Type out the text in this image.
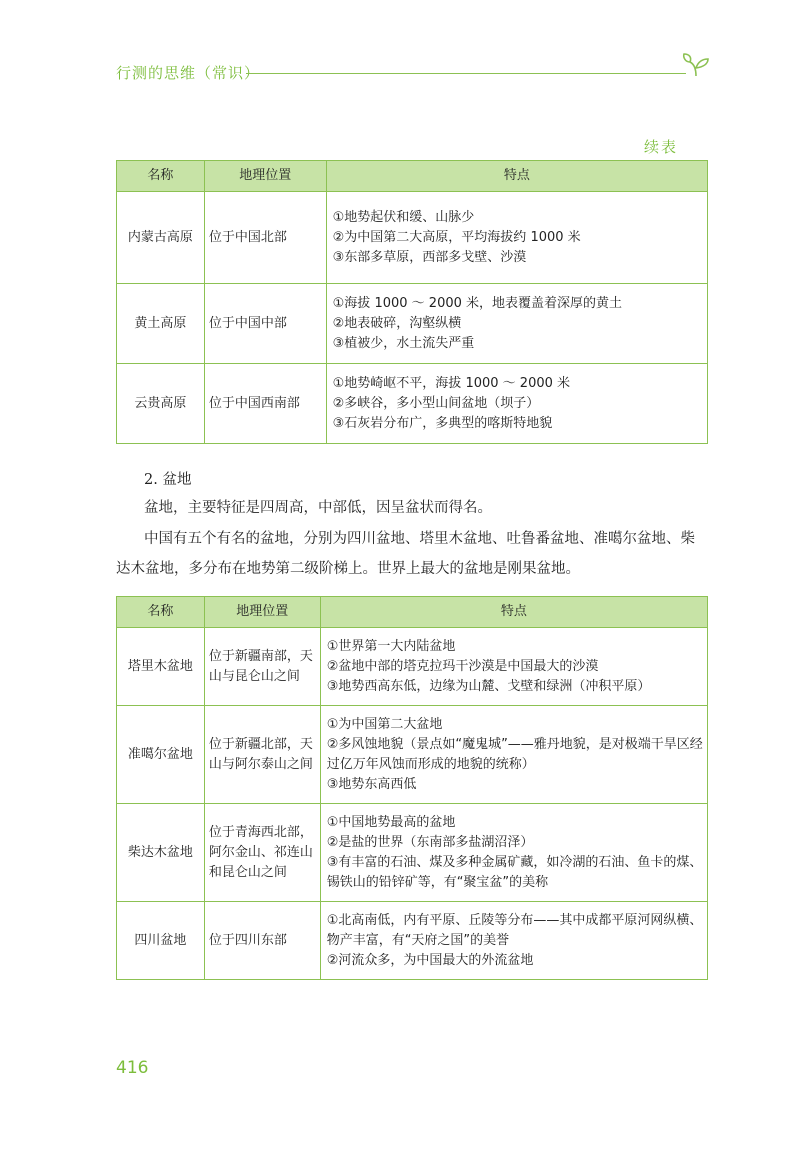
行测的思维（常识）
续表
名称	地理位置	特点
内蒙古高原	位于中国北部	①地势起伏和缓、山脉少
②为中国第二大高原，平均海拔约 1000 米
③东部多草原，西部多戈壁、沙漠

黄土高原	位于中国中部	①海拔 1000 ～ 2000 米，地表覆盖着深厚的黄土
②地表破碎，沟壑纵横
③植被少，水土流失严重

云贵高原	位于中国西南部	①地势崎岖不平，海拔 1000 ～ 2000 米
②多峡谷，多小型山间盆地（坝子）
③石灰岩分布广，多典型的喀斯特地貌
2. 盆地
盆地，主要特征是四周高，中部低，因呈盆状而得名。
中国有五个有名的盆地，分别为四川盆地、塔里木盆地、吐鲁番盆地、准噶尔盆地、柴达木盆地，多分布在地势第二级阶梯上。世界上最大的盆地是刚果盆地。
名称	地理位置	特点
塔里木盆地	位于新疆南部，天山与昆仑山之间	①世界第一大内陆盆地
②盆地中部的塔克拉玛干沙漠是中国最大的沙漠
③地势西高东低，边缘为山麓、戈壁和绿洲（冲积平原）

准噶尔盆地	位于新疆北部，天山与阿尔泰山之间	①为中国第二大盆地
②多风蚀地貌（景点如“魔鬼城”——雅丹地貌，是对极端干旱区经过亿万年风蚀而形成的地貌的统称）
③地势东高西低

柴达木盆地	位于青海西北部，阿尔金山、祁连山和昆仑山之间	①中国地势最高的盆地
②是盐的世界（东南部多盐湖沼泽）
③有丰富的石油、煤及多种金属矿藏，如冷湖的石油、鱼卡的煤、锡铁山的铅锌矿等，有“聚宝盆”的美称

四川盆地	位于四川东部	①北高南低，内有平原、丘陵等分布——其中成都平原河网纵横、物产丰富，有“天府之国”的美誉
②河流众多，为中国最大的外流盆地
416
